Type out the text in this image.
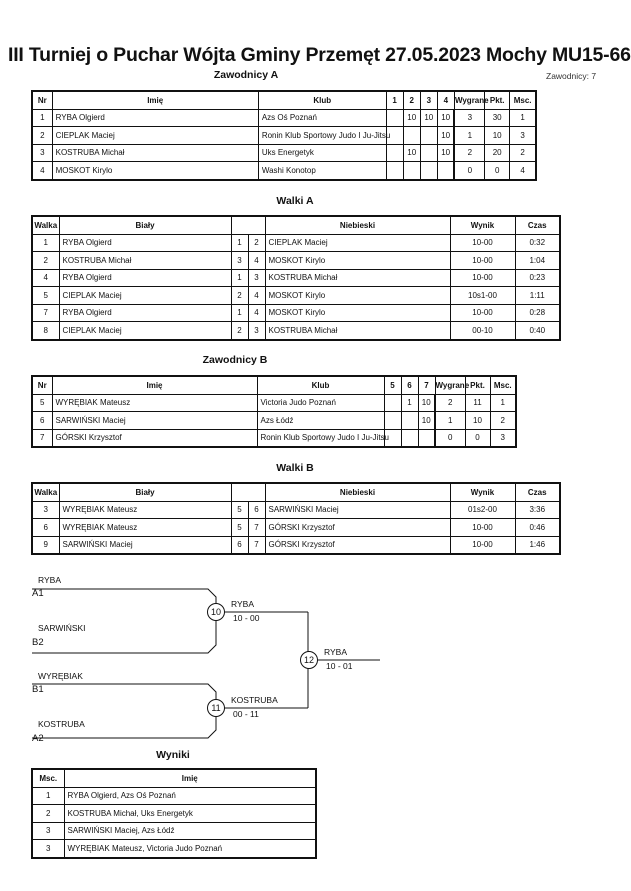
III Turniej o Puchar Wójta Gminy Przemęt 27.05.2023 Mochy MU15-66
Zawodnicy: 7
Zawodnicy A
Nr	Imię	Klub	1	2	3	4	Wygrane	Pkt.	Msc.
1	RYBA Olgierd	Azs Oś Poznań		10	10	10	3	30	1
2	CIEPLAK Maciej	Ronin Klub Sportowy Judo I Ju-Jitsu				10	1	10	3
3	KOSTRUBA Michał	Uks Energetyk		10		10	2	20	2
4	MOSKOT Kirylo	Washi Konotop					0	0	4
Walki A
Walka	Biały			Niebieski	Wynik	Czas
1	RYBA Olgierd	1	2	CIEPLAK Maciej	10-00	0:32
2	KOSTRUBA Michał	3	4	MOSKOT Kirylo	10-00	1:04
4	RYBA Olgierd	1	3	KOSTRUBA Michał	10-00	0:23
5	CIEPLAK Maciej	2	4	MOSKOT Kirylo	10s1-00	1:11
7	RYBA Olgierd	1	4	MOSKOT Kirylo	10-00	0:28
8	CIEPLAK Maciej	2	3	KOSTRUBA Michał	00-10	0:40
Zawodnicy B
Nr	Imię	Klub	5	6	7	Wygrane	Pkt.	Msc.
5	WYRĘBIAK Mateusz	Victoria Judo Poznań		1	10	2	11	1
6	SARWIŃSKI Maciej	Azs Łódź			10	1	10	2
7	GÓRSKI Krzysztof	Ronin Klub Sportowy Judo I Ju-Jitsu				0	0	3
Walki B
Walka	Biały			Niebieski	Wynik	Czas
3	WYRĘBIAK Mateusz	5	6	SARWIŃSKI Maciej	01s2-00	3:36
6	WYRĘBIAK Mateusz	5	7	GÓRSKI Krzysztof	10-00	0:46
9	SARWIŃSKI Maciej	6	7	GÓRSKI Krzysztof	10-00	1:46
RYBA
A1
SARWIŃSKI
B2
WYRĘBIAK
B1
KOSTRUBA
A2
10
RYBA
10 - 00
11
KOSTRUBA
00 - 11
12
RYBA
10 - 01
Wyniki
Msc.	Imię
1	RYBA Olgierd, Azs Oś Poznań
2	KOSTRUBA Michał, Uks Energetyk
3	SARWIŃSKI Maciej, Azs Łódź
3	WYRĘBIAK Mateusz, Victoria Judo Poznań
